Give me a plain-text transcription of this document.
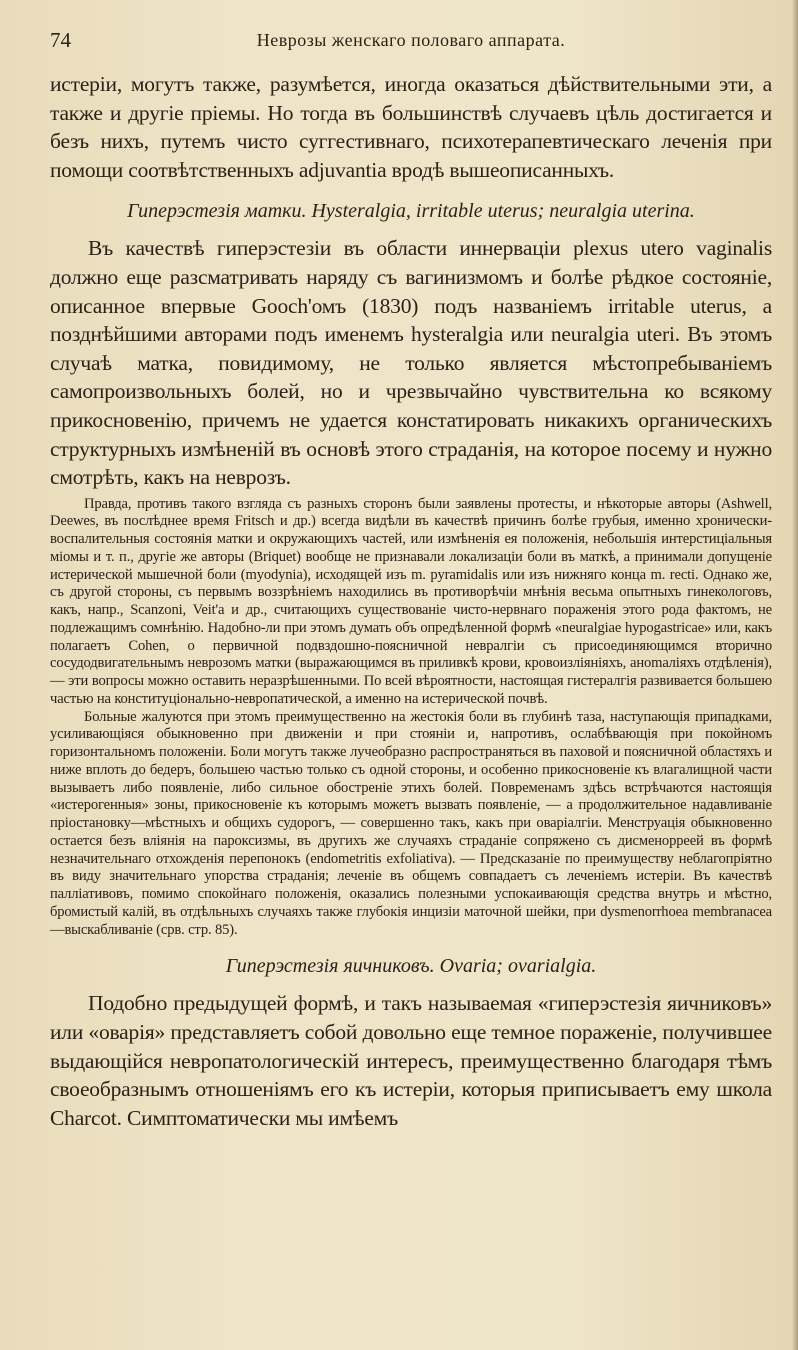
74	Неврозы женскаго половаго аппарата.

истеріи, могутъ также, разумѣется, иногда оказаться дѣйствительными эти, а также и другіе пріемы. Но тогда въ большинствѣ случаевъ цѣль достигается и безъ нихъ, путемъ чисто суггестивнаго, психотерапевтическаго леченія при помощи соотвѣтственныхъ adjuvantia вродѣ вышеописанныхъ.

Гиперэстезія матки. Hysteralgia, irritable uterus; neuralgia uterina.

Въ качествѣ гиперэстезіи въ области иннерваціи plexus utero vaginalis должно еще разсматривать наряду съ вагинизмомъ и болѣе рѣдкое состояніе, описанное впервые Gooch'омъ (1830) подъ названіемъ irritable uterus, а позднѣйшими авторами подъ именемъ hysteralgia или neuralgia uteri. Въ этомъ случаѣ матка, повидимому, не только является мѣстопребываніемъ самопроизвольныхъ болей, но и чрезвычайно чувствительна ко всякому прикосновенію, причемъ не удается констатировать никакихъ органическихъ структурныхъ измѣненій въ основѣ этого страданія, на которое посему и нужно смотрѣть, какъ на неврозъ.

Правда, противъ такого взгляда съ разныхъ сторонъ были заявлены протесты, и нѣкоторые авторы (Ashwell, Deewes, въ послѣднее время Fritsch и др.) всегда видѣли въ качествѣ причинъ болѣе грубыя, именно хронически-воспалительныя состоянія матки и окружающихъ частей, или измѣненія ея положенія, небольшія интерстиціальныя міомы и т. п., другіе же авторы (Briquet) вообще не признавали локализаціи боли въ маткѣ, а принимали допущеніе истерической мышечной боли (myodynia), исходящей изъ m. pyramidalis или изъ нижняго конца m. recti. Однако же, съ другой стороны, съ первымъ воззрѣніемъ находились въ противорѣчіи мнѣнія весьма опытныхъ гинекологовъ, какъ, напр., Scanzoni, Veit'a и др., считающихъ существованіе чисто-нервнаго пораженія этого рода фактомъ, не подлежащимъ сомнѣнію. Надобно-ли при этомъ думать объ опредѣленной формѣ «neuralgiae hypogastricae» или, какъ полагаетъ Cohen, о первичной подвздошно-поясничной невралгіи съ присоединяющимся вторично сосудодвигательнымъ неврозомъ матки (выражающимся въ приливкѣ крови, кровоизліяніяхъ, аноmaліяхъ отдѣленія), — эти вопросы можно оставить неразрѣшенными. По всей вѣроятности, настоящая гистералгія развивается большею частью на конституціонально-невропатической, а именно на истерической почвѣ.

Больные жалуются при этомъ преимущественно на жестокія боли въ глубинѣ таза, наступающія припадками, усиливающіяся обыкновенно при движеніи и при стояніи и, напротивъ, ослабѣвающія при покойномъ горизонтальномъ положеніи. Боли могутъ также лучеобразно распространяться въ паховой и поясничной областяхъ и ниже вплоть до бедеръ, большею частью только съ одной стороны, и особенно прикосновеніе къ влагалищной части вызываетъ либо появленіе, либо сильное обостреніе этихъ болей. Повременамъ здѣсь встрѣчаются настоящія «истерогенныя» зоны, прикосновеніе къ которымъ можетъ вызвать появленіе, — а продолжительное надавливаніе пріостановку—мѣстныхъ и общихъ судорогъ, — совершенно такъ, какъ при оваріалгіи. Менструація обыкновенно остается безъ вліянія на пароксизмы, въ другихъ же случаяхъ страданіе сопряжено съ дисменорреей въ формѣ незначительнаго отхожденія перепонокъ (endometritis exfoliativa). — Предсказаніе по преимуществу неблагопріятно въ виду значительнаго упорства страданія; леченіе въ общемъ совпадаетъ съ леченіемъ истеріи. Въ качествѣ палліативовъ, помимо спокойнаго положенія, оказались полезными успокаивающія средства внутрь и мѣстно, бромистый калій, въ отдѣльныхъ случаяхъ также глубокія инцизіи маточной шейки, при dysmenorrhoea membranacea—выскабливаніе (срв. стр. 85).

Гиперэстезія яичниковъ. Ovaria; ovarialgia.

Подобно предыдущей формѣ, и такъ называемая «гиперэстезія яичниковъ» или «оварія» представляетъ собой довольно еще темное пораженіе, получившее выдающійся невропатологическій интересъ, преимущественно благодаря тѣмъ своеобразнымъ отношеніямъ его къ истеріи, которыя приписываетъ ему школа Charcot. Симптоматически мы имѣемъ
